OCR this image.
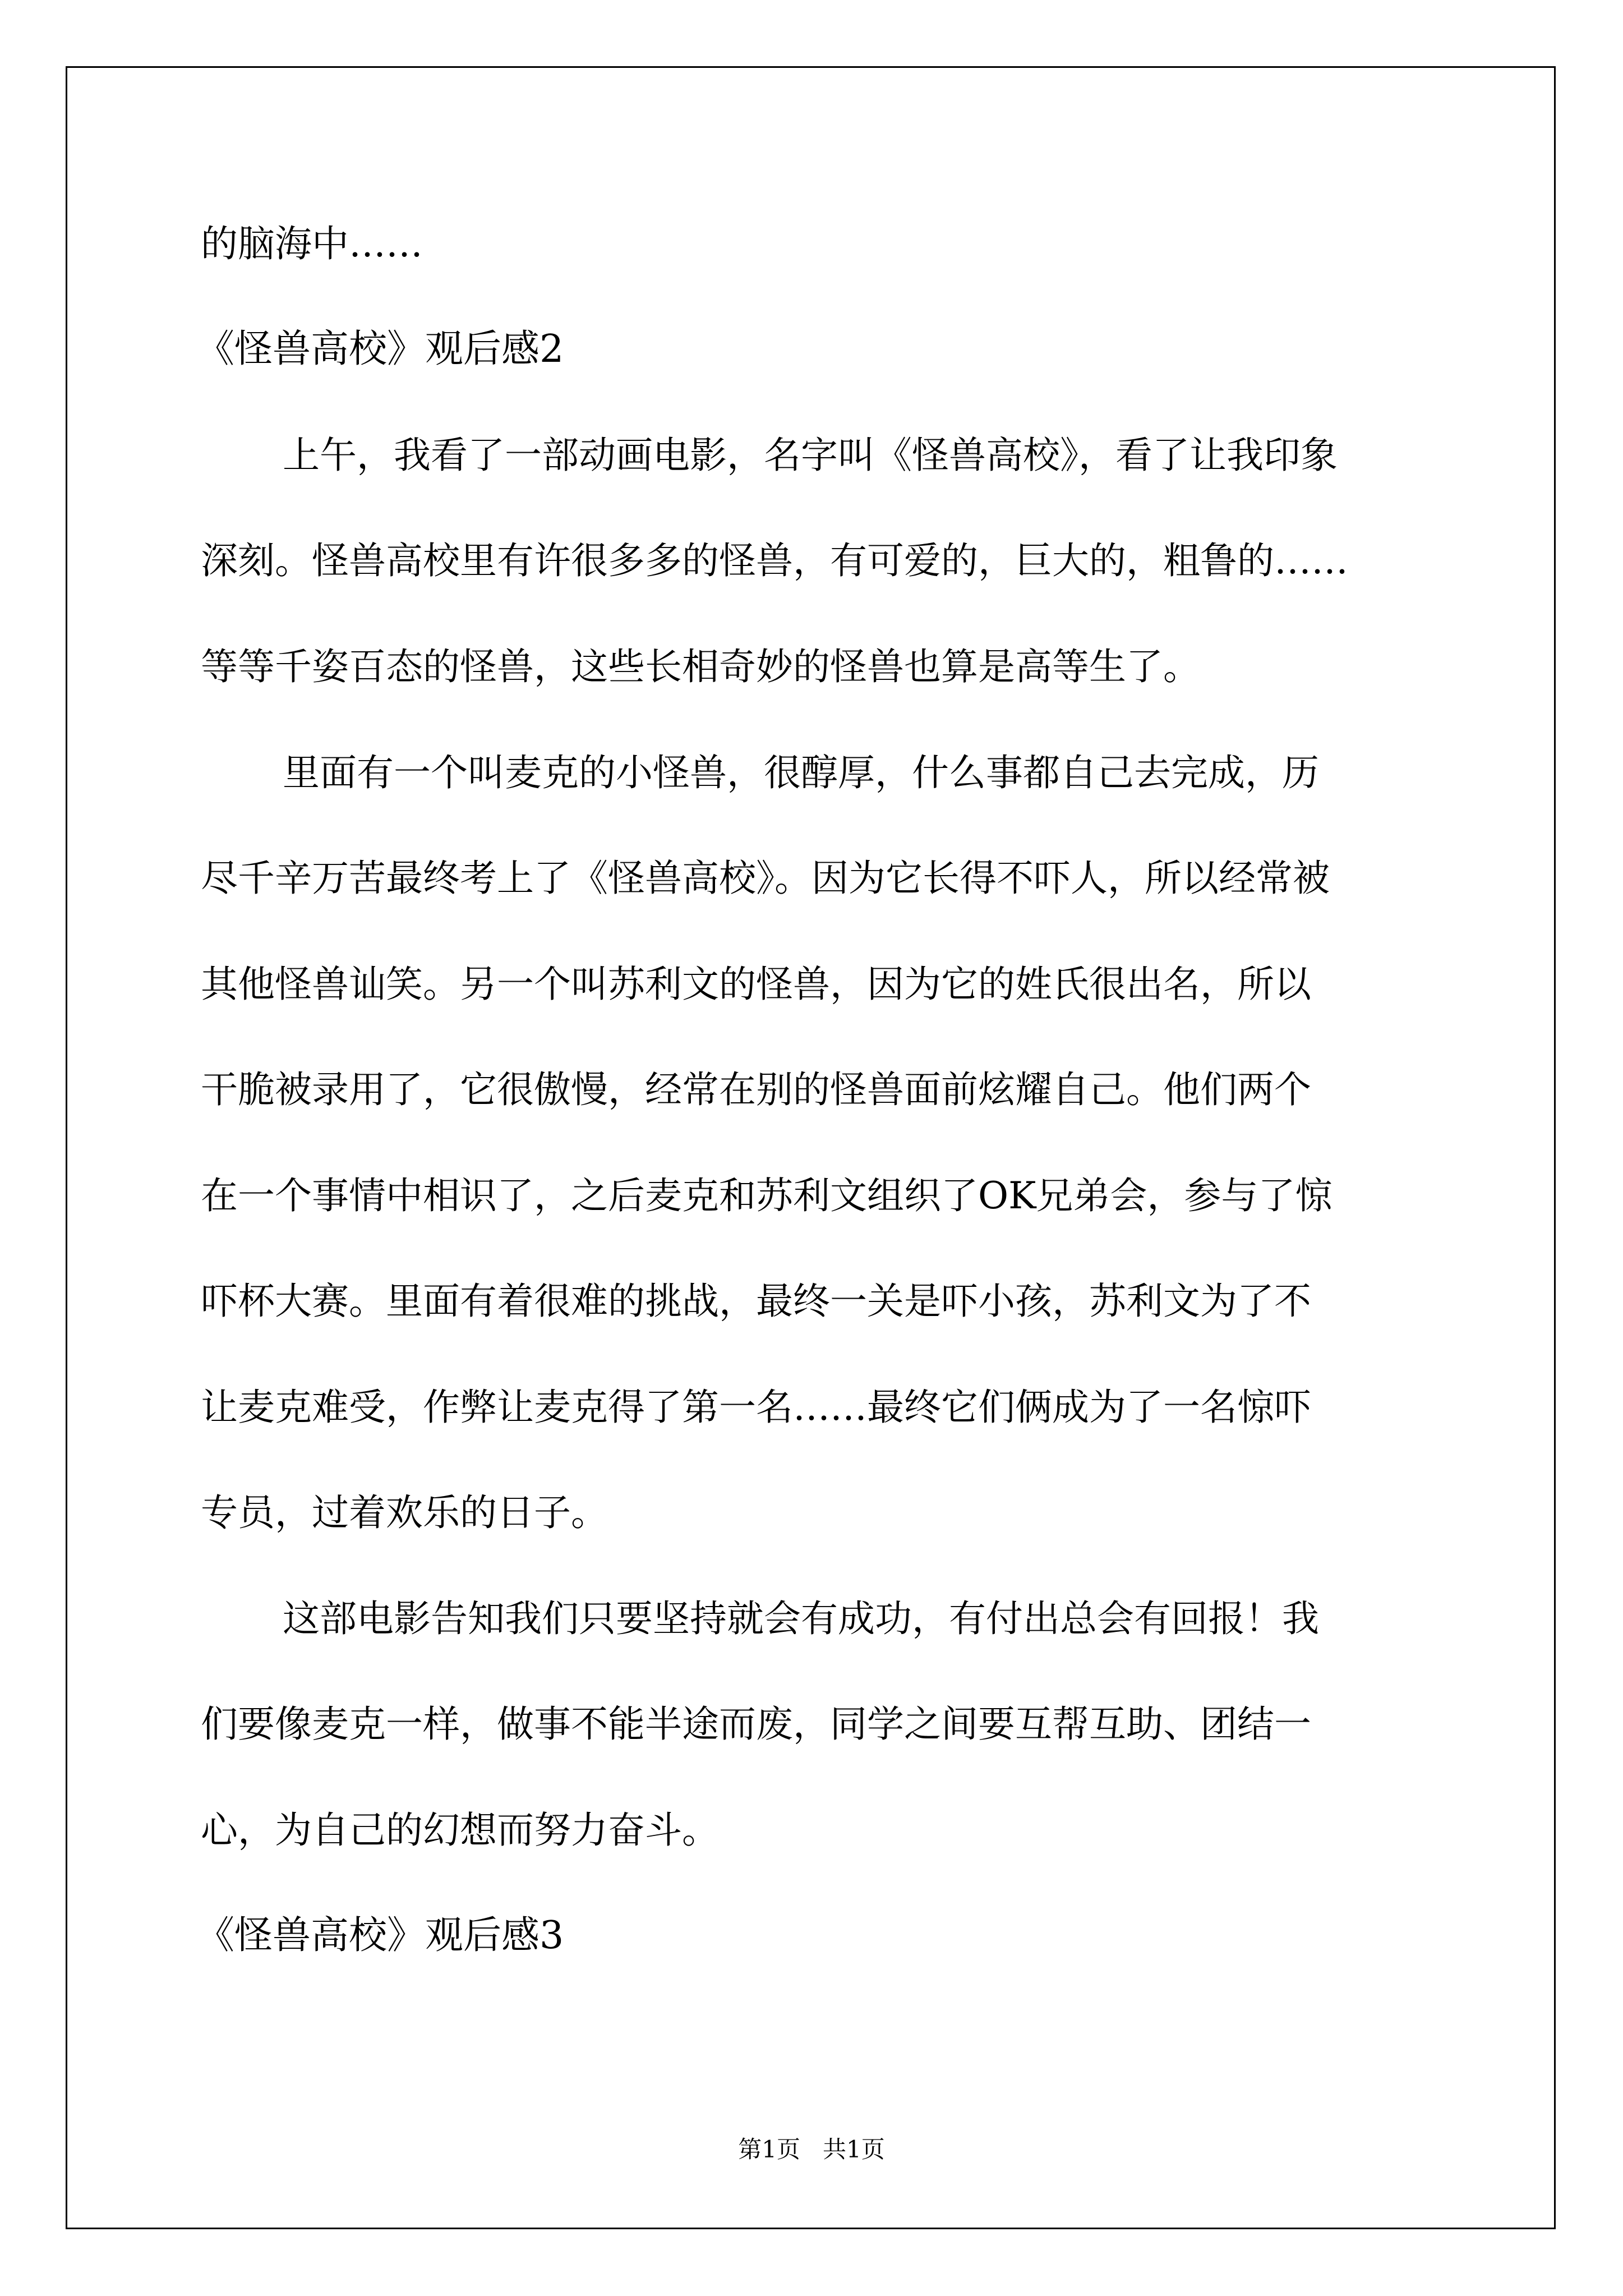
的脑海中……
《怪兽高校》观后感2
上午，我看了一部动画电影，名字叫《怪兽高校》，看了让我印象
深刻。怪兽高校里有许很多多的怪兽，有可爱的，巨大的，粗鲁的……
等等千姿百态的怪兽，这些长相奇妙的怪兽也算是高等生了。
里面有一个叫麦克的小怪兽，很醇厚，什么事都自己去完成，历
尽千辛万苦最终考上了《怪兽高校》。因为它长得不吓人，所以经常被
其他怪兽讪笑。另一个叫苏利文的怪兽，因为它的姓氏很出名，所以
干脆被录用了，它很傲慢，经常在别的怪兽面前炫耀自己。他们两个
在一个事情中相识了，之后麦克和苏利文组织了OK兄弟会，参与了惊
吓杯大赛。里面有着很难的挑战，最终一关是吓小孩，苏利文为了不
让麦克难受，作弊让麦克得了第一名……最终它们俩成为了一名惊吓
专员，过着欢乐的日子。
这部电影告知我们只要坚持就会有成功，有付出总会有回报！我
们要像麦克一样，做事不能半途而废，同学之间要互帮互助、团结一
心，为自己的幻想而努力奋斗。
《怪兽高校》观后感3
第1页 共1页
